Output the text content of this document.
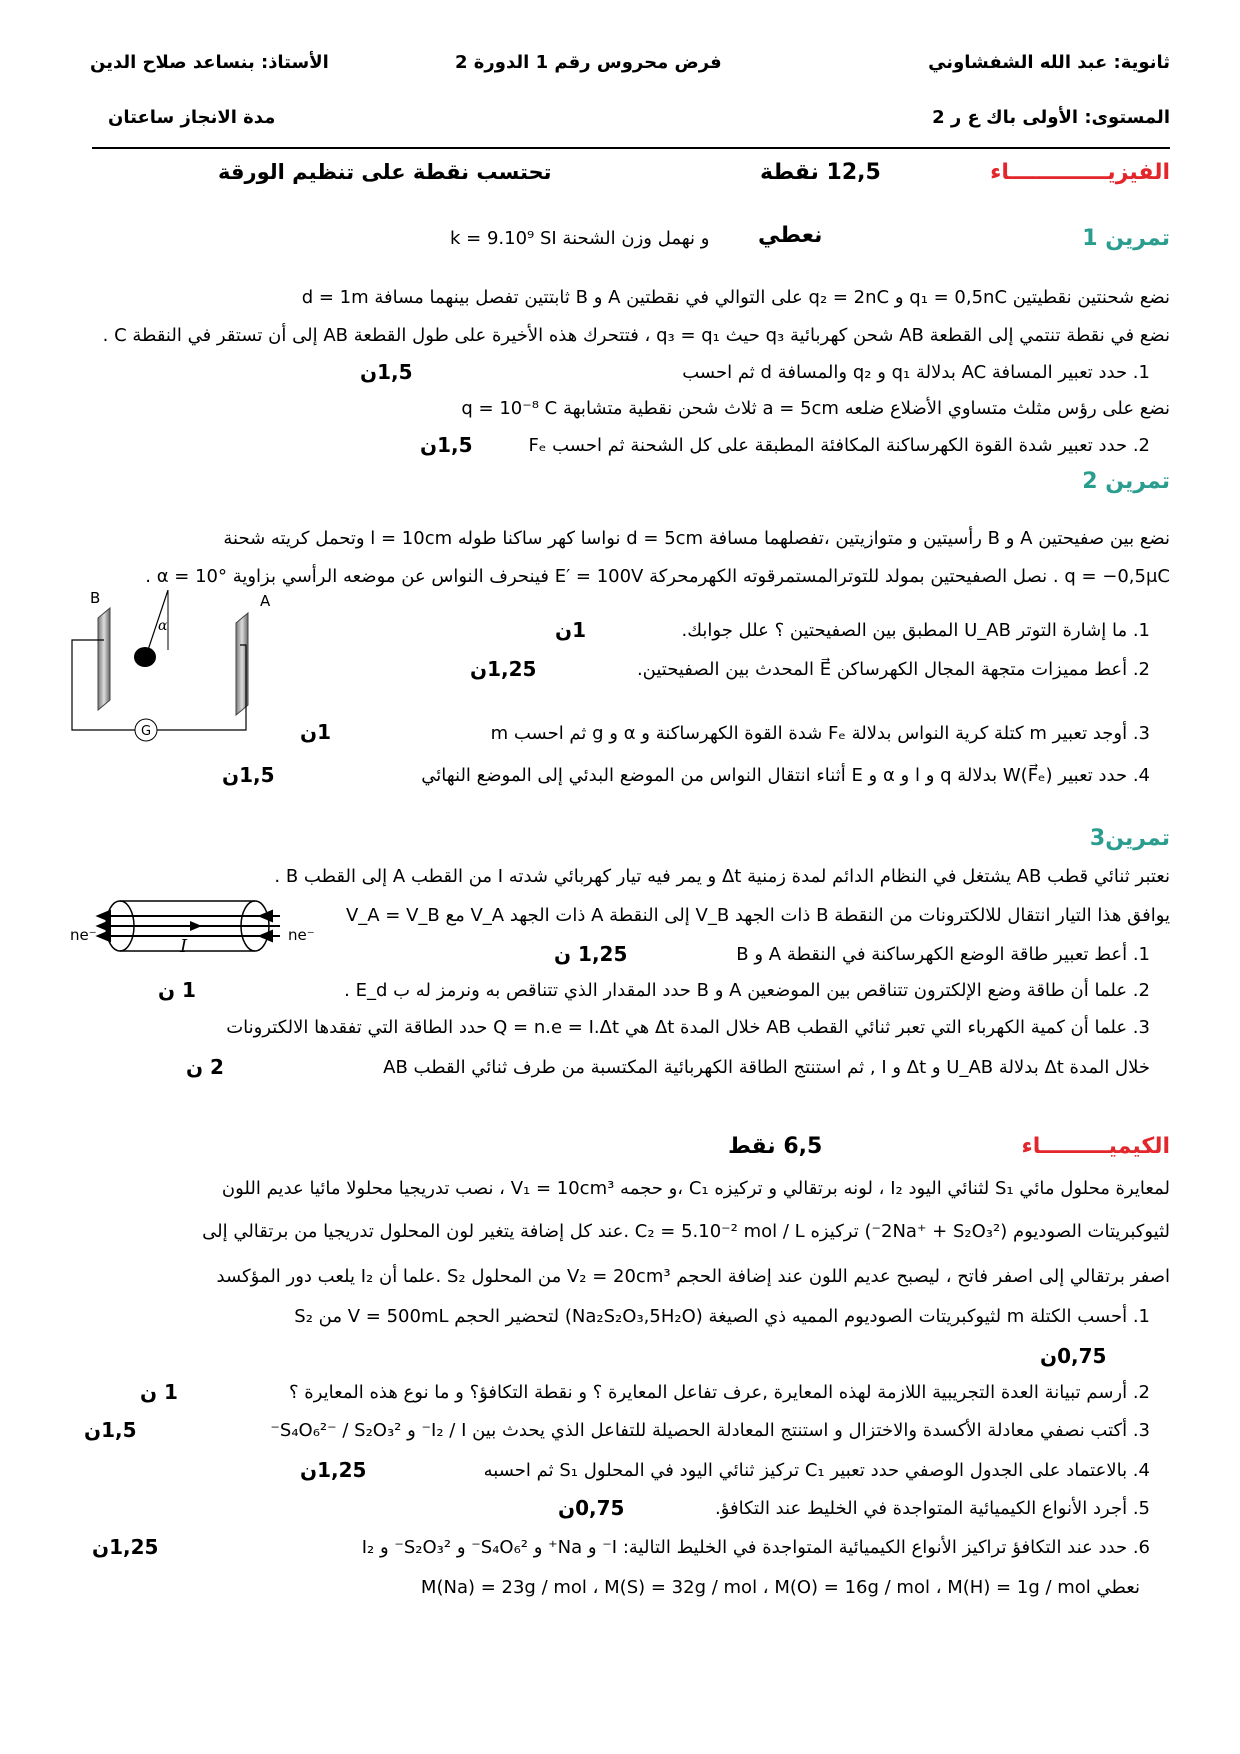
ثانوية: عبد الله الشفشاوني
فرض محروس رقم 1 الدورة 2
الأستاذ: بنساعد صلاح الدين
المستوى: الأولى باك ع ر 2
مدة الانجاز ساعتان
الفيزيـــــــــــــاء
12,5 نقطة
تحتسب نقطة على تنظيم الورقة
تمرين 1
نعطي
k = 9.10⁹ SI و نهمل وزن الشحنة
نضع شحنتين نقطيتين q₁ = 0,5nC و q₂ = 2nC على التوالي في نقطتين A و B ثابتتين تفصل بينهما مسافة d = 1m
نضع في نقطة تنتمي إلى القطعة AB شحن كهربائية q₃ حيث q₃ = q₁ ، فتتحرك هذه الأخيرة على طول القطعة AB إلى أن تستقر في النقطة C .
1. حدد تعبير المسافة AC بدلالة q₁ و q₂ والمسافة d ثم احسب
1,5ن
نضع على رؤس مثلث متساوي الأضلاع ضلعه a = 5cm ثلاث شحن نقطية متشابهة q = 10⁻⁸ C
2. حدد تعبير شدة القوة الكهرساكنة المكافئة المطبقة على كل الشحنة ثم احسب Fₑ
1,5ن
تمرين 2
نضع بين صفيحتين A و B رأسيتين و متوازيتين ،تفصلهما مسافة d = 5cm نواسا كهر ساكنا طوله l = 10cm وتحمل كريته شحنة
q = −0,5μC . نصل الصفيحتين بمولد للتوترالمستمرقوته الكهرمحركة E′ = 100V فينحرف النواس عن موضعه الرأسي بزاوية α = 10° .
1. ما إشارة التوتر U_AB المطبق بين الصفيحتين ؟ علل جوابك.
1ن
2. أعط مميزات متجهة المجال الكهرساكن E⃗ المحدث بين الصفيحتين.
1,25ن
3. أوجد تعبير m كتلة كرية النواس بدلالة Fₑ شدة القوة الكهرساكنة و α و g ثم احسب m
1ن
4. حدد تعبير W(F⃗ₑ) بدلالة q و l و α و E أثناء انتقال النواس من الموضع البدئي إلى الموضع النهائي
1,5ن
G
B	A
α
تمرين3
نعتبر ثنائي قطب AB يشتغل في النظام الدائم لمدة زمنية Δt و يمر فيه تيار كهربائي شدته I من القطب A إلى القطب B .
يوافق هذا التيار انتقال للالكترونات من النقطة B ذات الجهد V_B إلى النقطة A ذات الجهد V_A مع V_A = V_B
1. أعط تعبير طاقة الوضع الكهرساكنة في النقطة A و B
1,25 ن
2. علما أن طاقة وضع الإلكترون تتناقص بين الموضعين A و B حدد المقدار الذي تتناقص به ونرمز له ب E_d .
1 ن
3. علما أن كمية الكهرباء التي تعبر ثنائي القطب AB خلال المدة Δt هي Q = n.e = I.Δt حدد الطاقة التي تفقدها الالكترونات
خلال المدة Δt بدلالة U_AB و Δt و I , ثم استنتج الطاقة الكهربائية المكتسبة من طرف ثنائي القطب AB
2 ن
ne⁻	ne⁻
I
الكيميـــــــــاء
6,5 نقط
لمعايرة محلول مائي S₁ لثنائي اليود I₂ ، لونه برتقالي و تركيزه C₁ ،و حجمه V₁ = 10cm³ ، نصب تدريجيا محلولا مائيا عديم اللون
لثيوكبريتات الصوديوم (2Na⁺ + S₂O₃²⁻) تركيزه C₂ = 5.10⁻² mol / L .عند كل إضافة يتغير لون المحلول تدريجيا من برتقالي إلى
اصفر برتقالي إلى اصفر فاتح ، ليصبح عديم اللون عند إضافة الحجم V₂ = 20cm³ من المحلول S₂ .علما أن I₂ يلعب دور المؤكسد
1. أحسب الكتلة m لثيوكبريتات الصوديوم المميه ذي الصيغة (Na₂S₂O₃,5H₂O) لتحضير الحجم V = 500mL من S₂
0,75ن
2. أرسم تبيانة العدة التجريبية اللازمة لهذه المعايرة ,عرف تفاعل المعايرة ؟ و نقطة التكافؤ؟ و ما نوع هذه المعايرة ؟
1 ن
3. أكتب نصفي معادلة الأكسدة والاختزال و استنتج المعادلة الحصيلة للتفاعل الذي يحدث بين I₂ / I⁻ و S₄O₆²⁻ / S₂O₃²⁻
1,5ن
4. بالاعتماد على الجدول الوصفي حدد تعبير C₁ تركيز ثنائي اليود في المحلول S₁ ثم احسبه
1,25ن
5. أجرد الأنواع الكيميائية المتواجدة في الخليط عند التكافؤ.
0,75ن
6. حدد عند التكافؤ تراكيز الأنواع الكيميائية المتواجدة في الخليط التالية: I⁻ و Na⁺ و S₄O₆²⁻ و S₂O₃²⁻ و I₂
1,25ن
نعطي M(Na) = 23g / mol ، M(S) = 32g / mol ، M(O) = 16g / mol ، M(H) = 1g / mol
